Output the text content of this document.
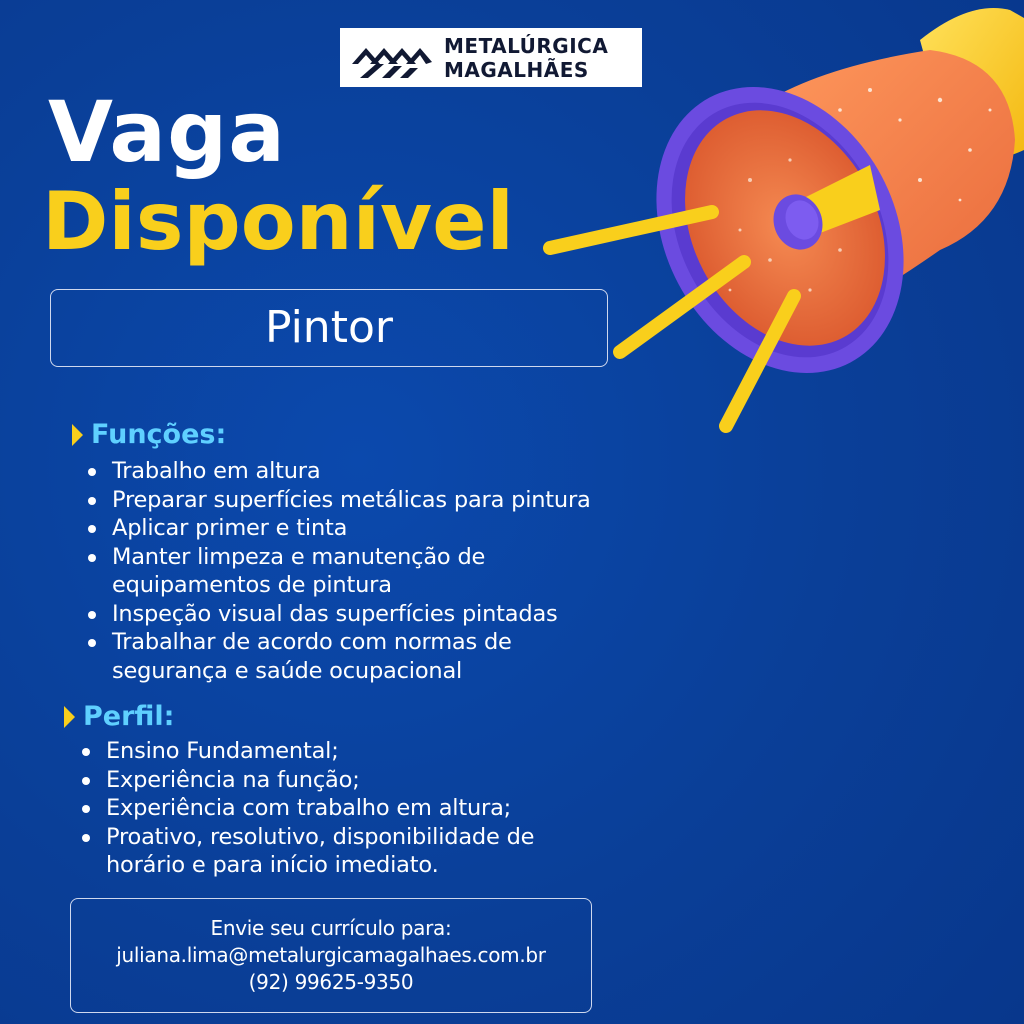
METALÚRGICA
MAGALHÃES
Vaga
Disponível
Pintor
Funções:
Trabalho em altura
Preparar superfícies metálicas para pintura
Aplicar primer e tinta
Manter limpeza e manutenção de equipamentos de pintura
Inspeção visual das superfícies pintadas
Trabalhar de acordo com normas de segurança e saúde ocupacional
Perfil:
Ensino Fundamental;
Experiência na função;
Experiência com trabalho em altura;
Proativo, resolutivo, disponibilidade de horário e para início imediato.
Envie seu currículo para:
juliana.lima@metalurgicamagalhaes.com.br
(92) 99625-9350
